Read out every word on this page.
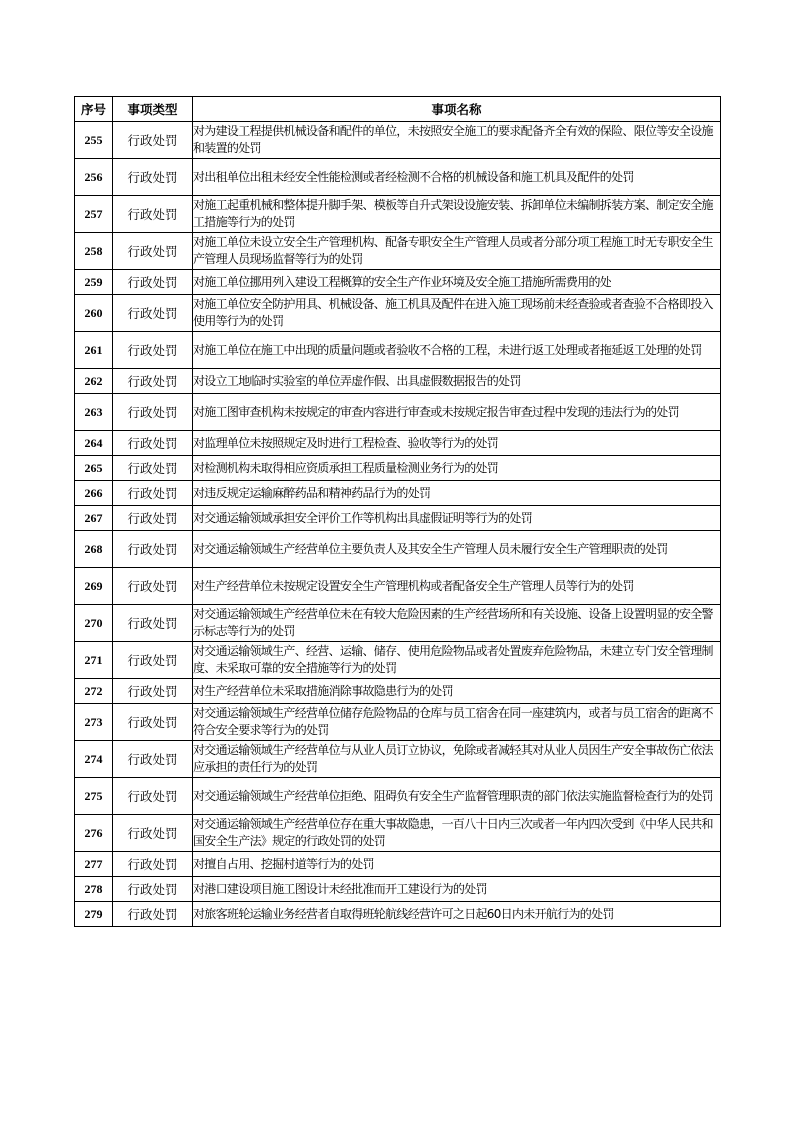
序号	事项类型	事项名称
255	行政处罚	对为建设工程提供机械设备和配件的单位，未按照安全施工的要求配备齐全有效的保险、限位等安全设施和装置的处罚
256	行政处罚	对出租单位出租未经安全性能检测或者经检测不合格的机械设备和施工机具及配件的处罚
257	行政处罚	对施工起重机械和整体提升脚手架、模板等自升式架设设施安装、拆卸单位未编制拆装方案、制定安全施工措施等行为的处罚
258	行政处罚	对施工单位未设立安全生产管理机构、配备专职安全生产管理人员或者分部分项工程施工时无专职安全生产管理人员现场监督等行为的处罚
259	行政处罚	对施工单位挪用列入建设工程概算的安全生产作业环境及安全施工措施所需费用的处
260	行政处罚	对施工单位安全防护用具、机械设备、施工机具及配件在进入施工现场前未经查验或者查验不合格即投入使用等行为的处罚
261	行政处罚	对施工单位在施工中出现的质量问题或者验收不合格的工程，未进行返工处理或者拖延返工处理的处罚
262	行政处罚	对设立工地临时实验室的单位弄虚作假、出具虚假数据报告的处罚
263	行政处罚	对施工图审查机构未按规定的审查内容进行审查或未按规定报告审查过程中发现的违法行为的处罚
264	行政处罚	对监理单位未按照规定及时进行工程检查、验收等行为的处罚
265	行政处罚	对检测机构未取得相应资质承担工程质量检测业务行为的处罚
266	行政处罚	对违反规定运输麻醉药品和精神药品行为的处罚
267	行政处罚	对交通运输领域承担安全评价工作等机构出具虚假证明等行为的处罚
268	行政处罚	对交通运输领域生产经营单位主要负责人及其安全生产管理人员未履行安全生产管理职责的处罚
269	行政处罚	对生产经营单位未按规定设置安全生产管理机构或者配备安全生产管理人员等行为的处罚
270	行政处罚	对交通运输领域生产经营单位未在有较大危险因素的生产经营场所和有关设施、设备上设置明显的安全警示标志等行为的处罚
271	行政处罚	对交通运输领域生产、经营、运输、储存、使用危险物品或者处置废弃危险物品，未建立专门安全管理制度、未采取可靠的安全措施等行为的处罚
272	行政处罚	对生产经营单位未采取措施消除事故隐患行为的处罚
273	行政处罚	对交通运输领域生产经营单位储存危险物品的仓库与员工宿舍在同一座建筑内，或者与员工宿舍的距离不符合安全要求等行为的处罚
274	行政处罚	对交通运输领域生产经营单位与从业人员订立协议，免除或者减轻其对从业人员因生产安全事故伤亡依法应承担的责任行为的处罚
275	行政处罚	对交通运输领域生产经营单位拒绝、阻碍负有安全生产监督管理职责的部门依法实施监督检查行为的处罚
276	行政处罚	对交通运输领域生产经营单位存在重大事故隐患，一百八十日内三次或者一年内四次受到《中华人民共和国安全生产法》规定的行政处罚的处罚
277	行政处罚	对擅自占用、挖掘村道等行为的处罚
278	行政处罚	对港口建设项目施工图设计未经批准而开工建设行为的处罚
279	行政处罚	对旅客班轮运输业务经营者自取得班轮航线经营许可之日起60日内未开航行为的处罚
